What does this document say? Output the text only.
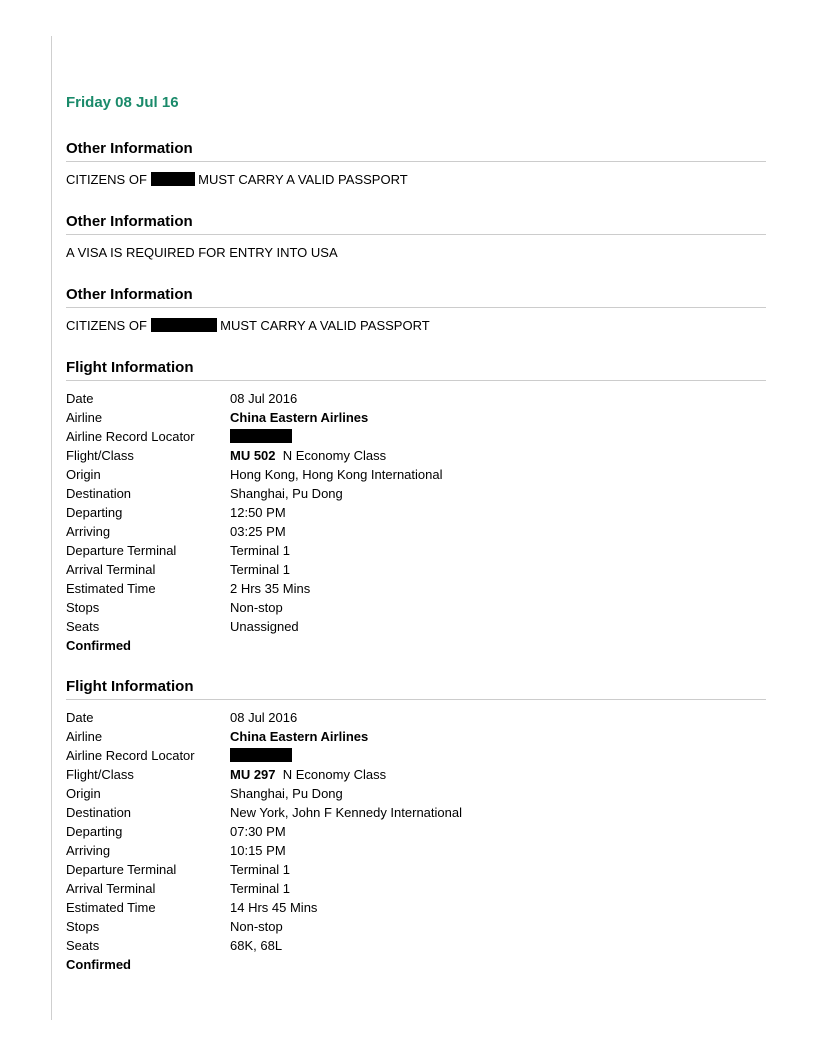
Friday 08 Jul 16
Other Information
CITIZENS OF	MUST CARRY A VALID PASSPORT
Other Information
A VISA IS REQUIRED FOR ENTRY INTO USA
Other Information
CITIZENS OF	MUST CARRY A VALID PASSPORT
Flight Information
Date	08 Jul 2016
Airline	China Eastern Airlines
Airline Record Locator
Flight/Class	MU 502 N Economy Class
Origin	Hong Kong, Hong Kong International
Destination	Shanghai, Pu Dong
Departing	12:50 PM
Arriving	03:25 PM
Departure Terminal	Terminal 1
Arrival Terminal	Terminal 1
Estimated Time	2 Hrs 35 Mins
Stops	Non-stop
Seats	Unassigned
Confirmed
Flight Information
Date	08 Jul 2016
Airline	China Eastern Airlines
Airline Record Locator
Flight/Class	MU 297 N Economy Class
Origin	Shanghai, Pu Dong
Destination	New York, John F Kennedy International
Departing	07:30 PM
Arriving	10:15 PM
Departure Terminal	Terminal 1
Arrival Terminal	Terminal 1
Estimated Time	14 Hrs 45 Mins
Stops	Non-stop
Seats	68K, 68L
Confirmed
